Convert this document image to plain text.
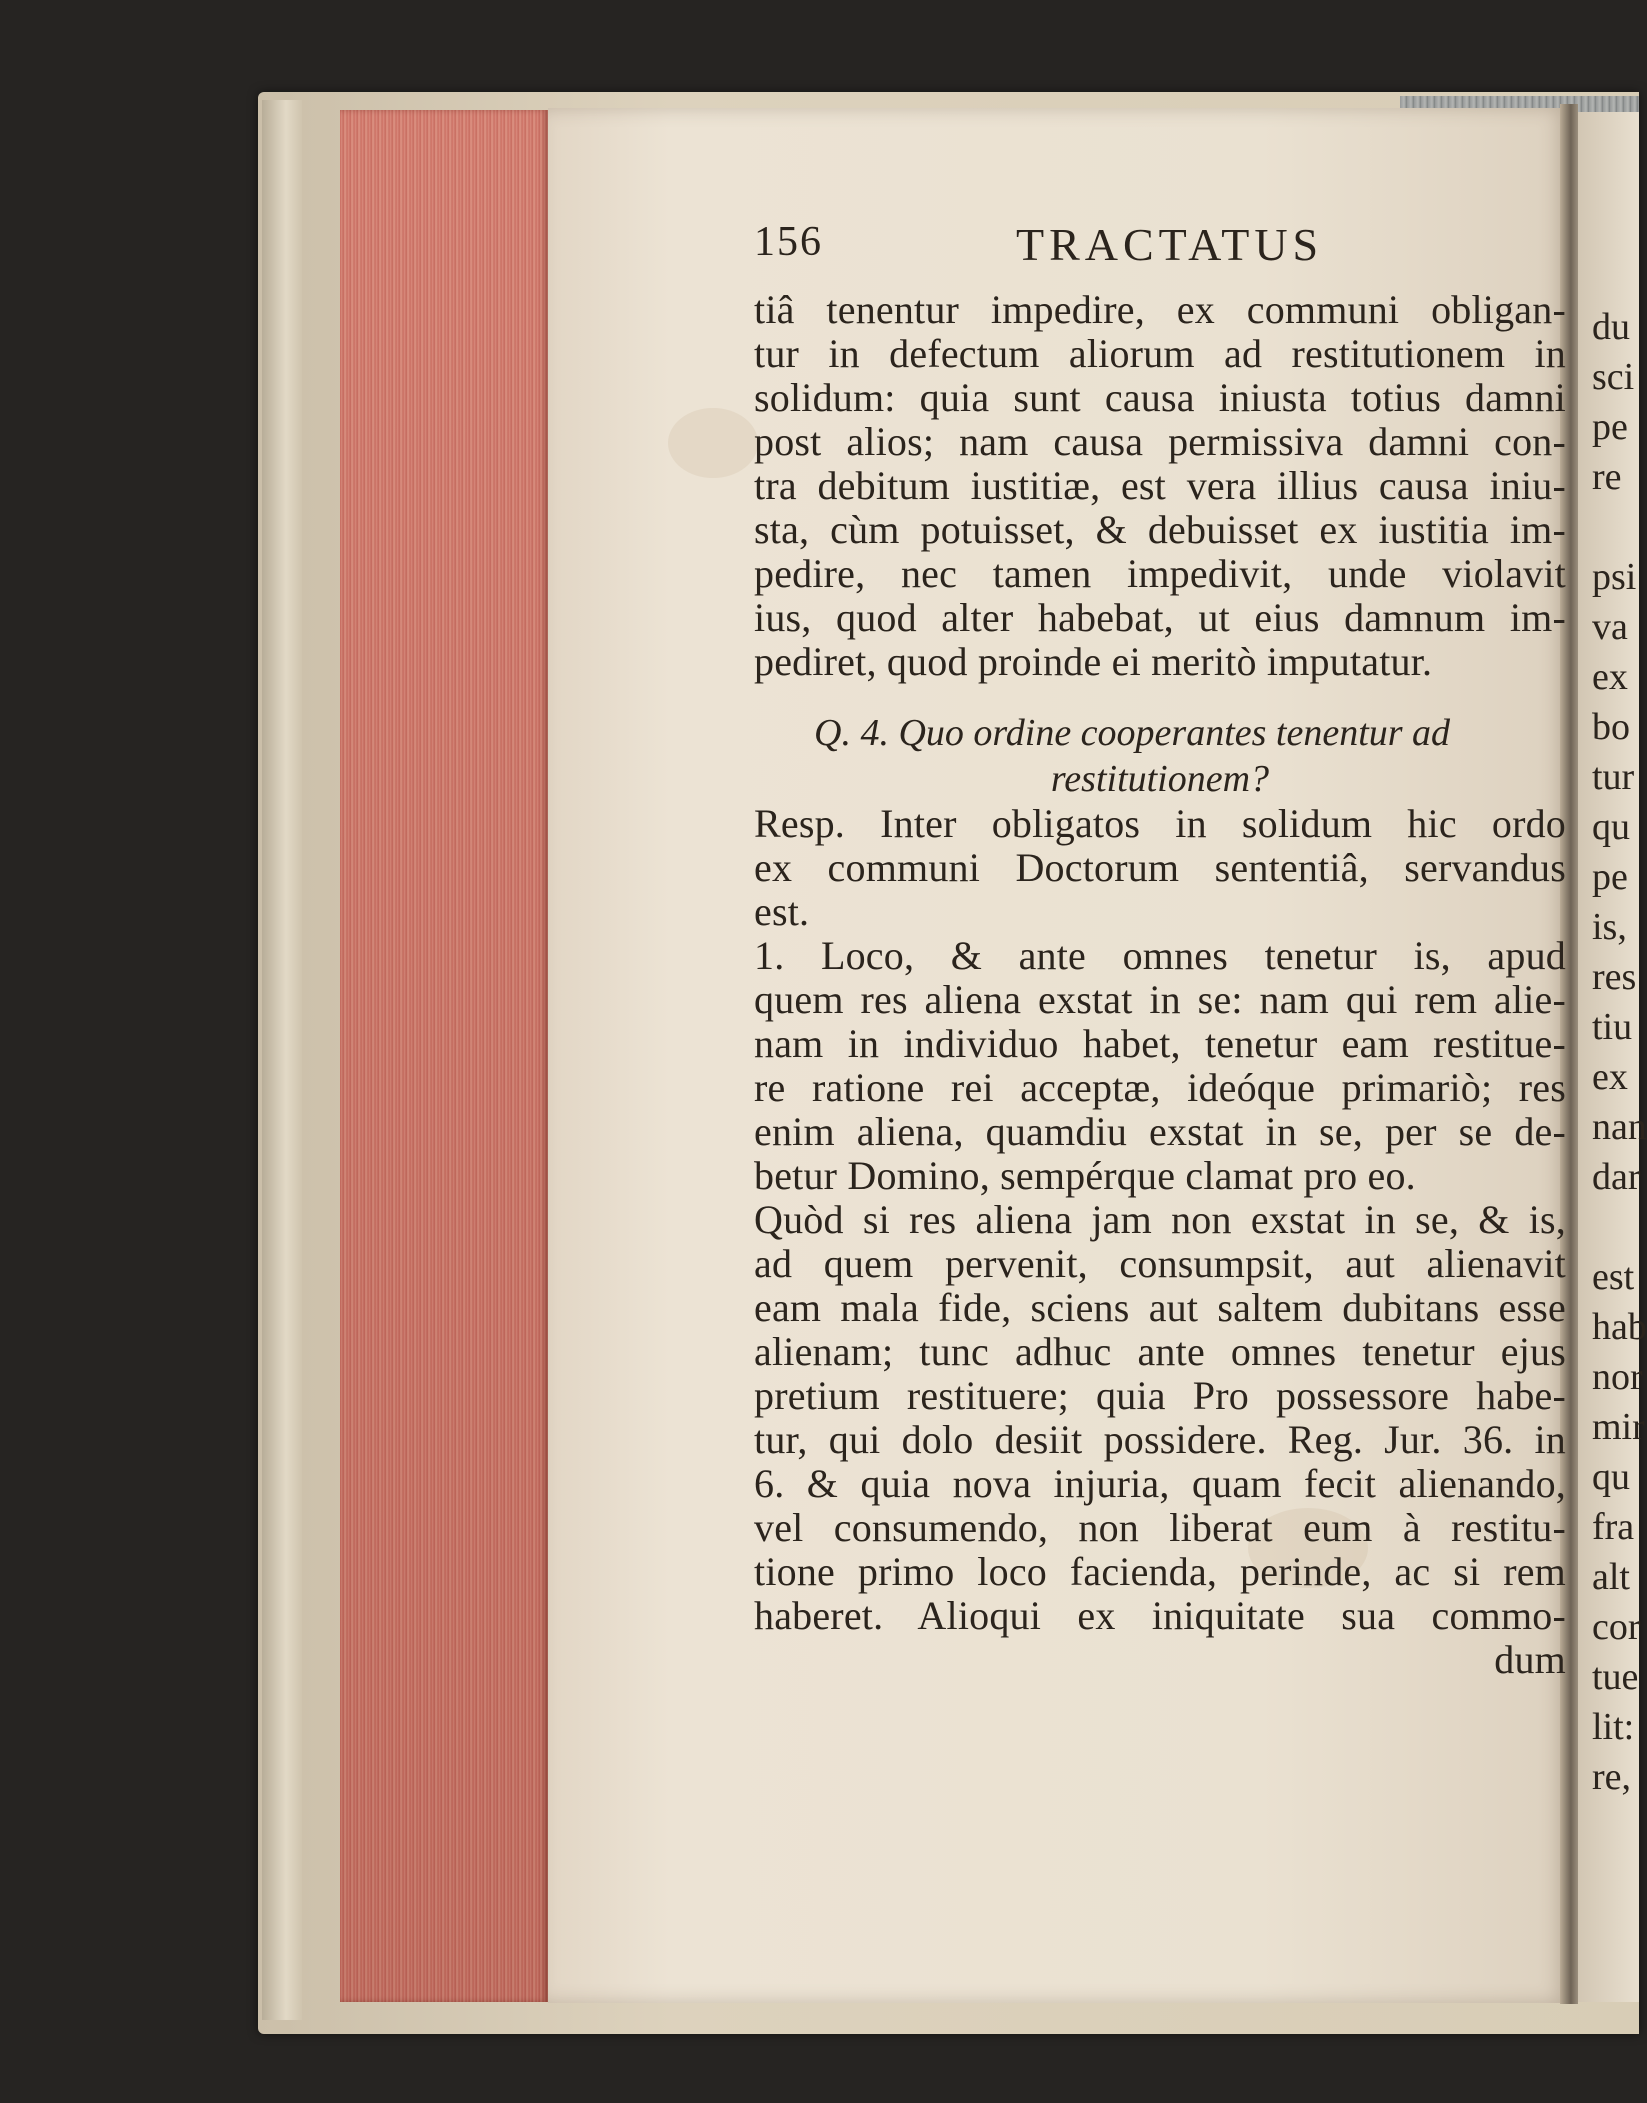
du
sci
pe
re
psi
va
ex
bo
tur
qu
pe
is,
res
tiu
ex
nan
dar
est
hab
nor
mir
qu
fra
alt
cor
tue
lit:
re,
156	TRACTATUS
tiâ tenentur impedire, ex communi obligan-
tur in defectum aliorum ad restitutionem in
solidum: quia sunt causa iniusta totius damni
post alios; nam causa permissiva damni con-
tra debitum iustitiæ, est vera illius causa iniu-
sta, cùm potuisset, & debuisset ex iustitia im-
pedire, nec tamen impedivit, unde violavit
ius, quod alter habebat, ut eius damnum im-
pediret, quod proinde ei meritò imputatur.
Q. 4. Quo ordine cooperantes tenentur ad
restitutionem?
Resp. Inter obligatos in solidum hic ordo
ex communi Doctorum sententiâ, servandus
est.
1. Loco, & ante omnes tenetur is, apud
quem res aliena exstat in se: nam qui rem alie-
nam in individuo habet, tenetur eam restitue-
re ratione rei acceptæ, ideóque primariò; res
enim aliena, quamdiu exstat in se, per se de-
betur Domino, sempérque clamat pro eo.
Quòd si res aliena jam non exstat in se, & is,
ad quem pervenit, consumpsit, aut alienavit
eam mala fide, sciens aut saltem dubitans esse
alienam; tunc adhuc ante omnes tenetur ejus
pretium restituere; quia Pro possessore habe-
tur, qui dolo desiit possidere. Reg. Jur. 36. in
6. & quia nova injuria, quam fecit alienando,
vel consumendo, non liberat eum à restitu-
tione primo loco facienda, perinde, ac si rem
haberet. Alioqui ex iniquitate sua commo-
dum
